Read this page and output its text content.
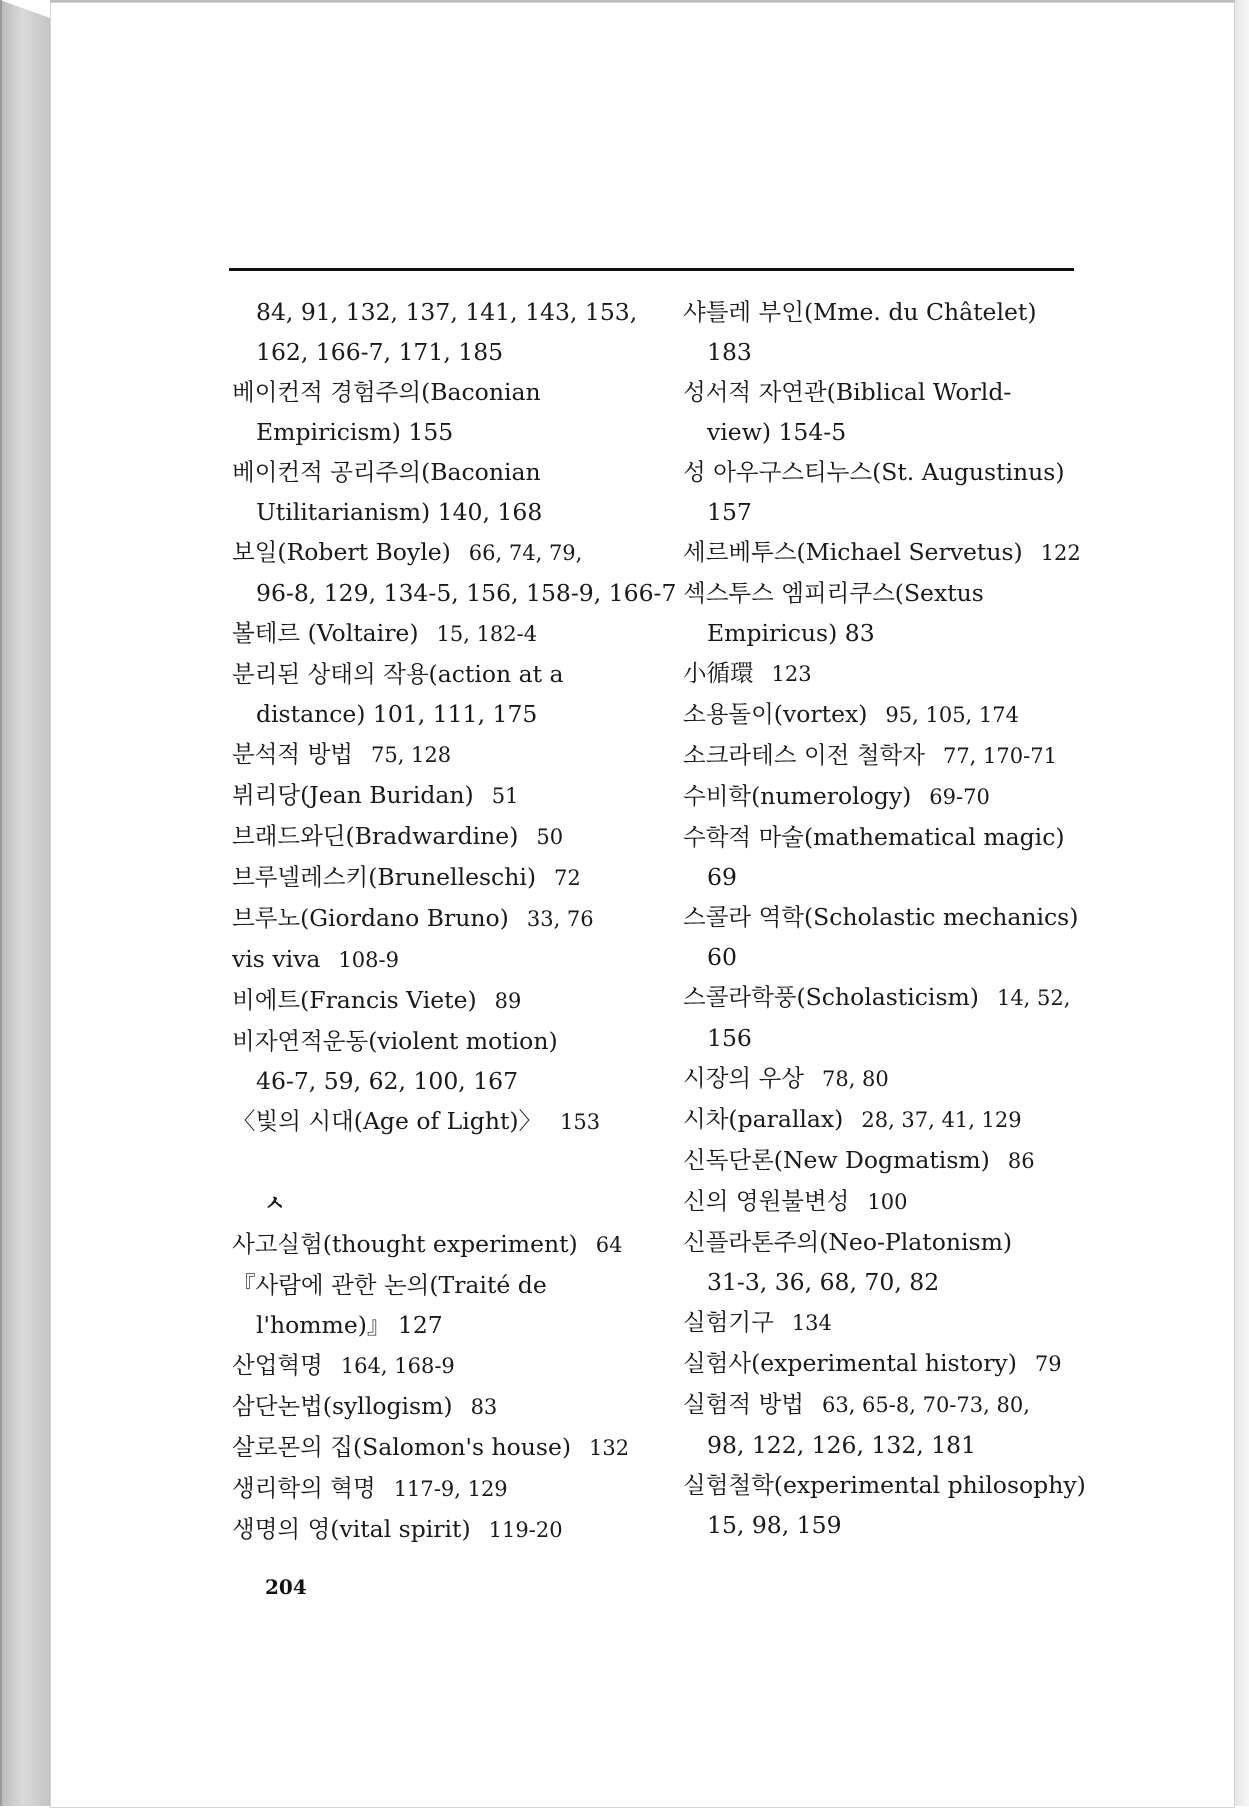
84, 91, 132, 137, 141, 143, 153,
162, 166-7, 171, 185
베이컨적 경험주의(Baconian
Empiricism) 155
베이컨적 공리주의(Baconian
Utilitarianism) 140, 168
보일(Robert Boyle) 66, 74, 79,
96-8, 129, 134-5, 156, 158-9, 166-7
볼테르 (Voltaire) 15, 182-4
분리된 상태의 작용(action at a
distance) 101, 111, 175
분석적 방법 75, 128
뷔리당(Jean Buridan) 51
브래드와딘(Bradwardine) 50
브루넬레스키(Brunelleschi) 72
브루노(Giordano Bruno) 33, 76
vis viva 108-9
비에트(Francis Viete) 89
비자연적운동(violent motion)
46-7, 59, 62, 100, 167
〈빛의 시대(Age of Light)〉 153
ㅅ
사고실험(thought experiment) 64
『사람에 관한 논의(Traité de
l'homme)』 127
산업혁명 164, 168-9
삼단논법(syllogism) 83
살로몬의 집(Salomon's house) 132
생리학의 혁명 117-9, 129
생명의 영(vital spirit) 119-20
샤틀레 부인(Mme. du Châtelet)
183
성서적 자연관(Biblical World-
view) 154-5
성 아우구스티누스(St. Augustinus)
157
세르베투스(Michael Servetus) 122
섹스투스 엠피리쿠스(Sextus
Empiricus) 83
小循環 123
소용돌이(vortex) 95, 105, 174
소크라테스 이전 철학자 77, 170-71
수비학(numerology) 69-70
수학적 마술(mathematical magic)
69
스콜라 역학(Scholastic mechanics)
60
스콜라학풍(Scholasticism) 14, 52,
156
시장의 우상 78, 80
시차(parallax) 28, 37, 41, 129
신독단론(New Dogmatism) 86
신의 영원불변성 100
신플라톤주의(Neo-Platonism)
31-3, 36, 68, 70, 82
실험기구 134
실험사(experimental history) 79
실험적 방법 63, 65-8, 70-73, 80,
98, 122, 126, 132, 181
실험철학(experimental philosophy)
15, 98, 159
204
